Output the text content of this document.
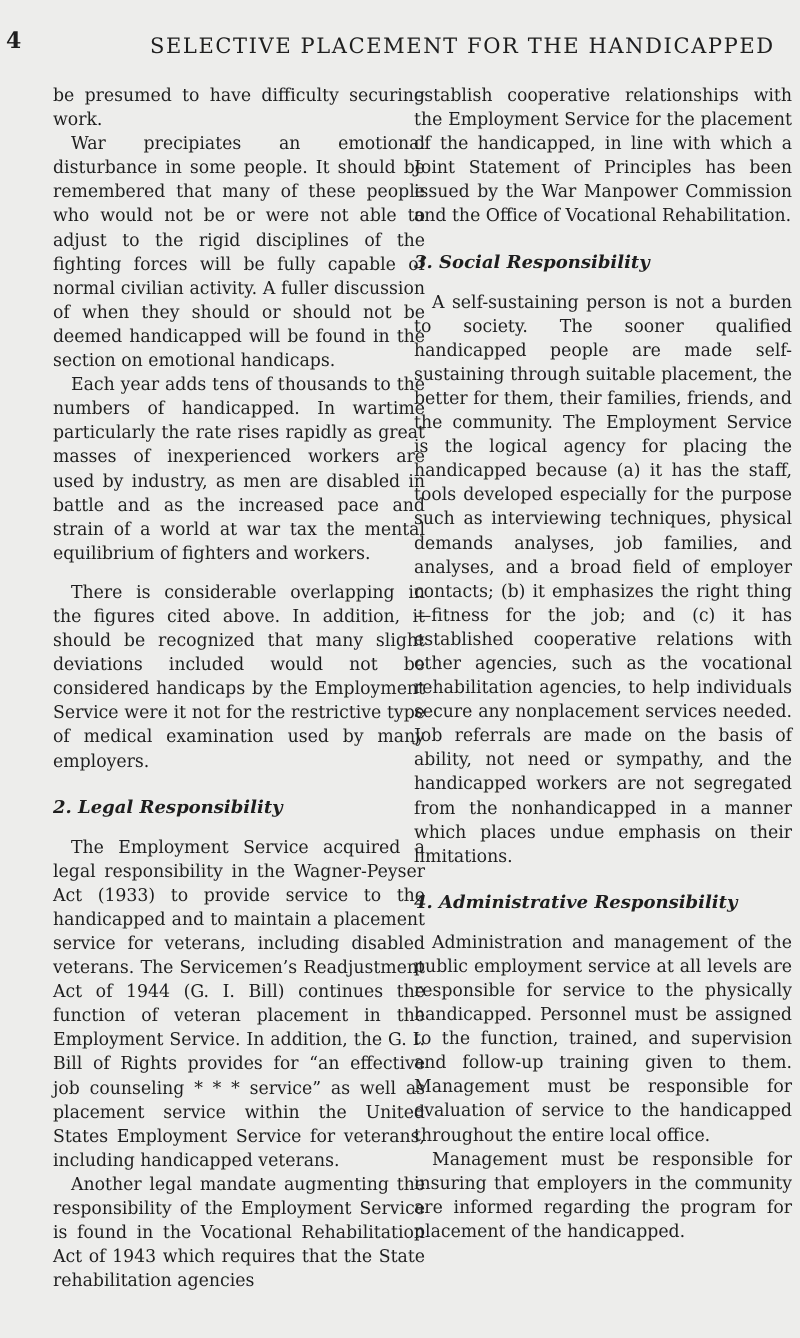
4	SELECTIVE PLACEMENT FOR THE HANDICAPPED

be presumed to have difficulty securing work.

War precipiates an emotional disturbance in some people. It should be remembered that many of these people who would not be or were not able to adjust to the rigid disciplines of the fighting forces will be fully capable of normal civilian activity. A fuller discussion of when they should or should not be deemed handicapped will be found in the section on emotional handicaps.

Each year adds tens of thousands to the numbers of handicapped. In wartime particularly the rate rises rapidly as great masses of inexperienced workers are used by industry, as men are disabled in battle and as the increased pace and strain of a world at war tax the mental equilibrium of fighters and workers.

There is considerable overlapping in the figures cited above. In addition, it should be recognized that many slight deviations included would not be considered handicaps by the Employment Service were it not for the restrictive type of medical examination used by many employers.

2. Legal Responsibility

The Employment Service acquired a legal responsibility in the Wagner-Peyser Act (1933) to provide service to the handicapped and to maintain a placement service for veterans, including disabled veterans. The Servicemen’s Readjustment Act of 1944 (G. I. Bill) continues the function of veteran placement in the Employment Service. In addition, the G. I. Bill of Rights provides for “an effective job counseling * * * service” as well as placement service within the United States Employment Service for veterans, including handicapped veterans.

Another legal mandate augmenting the responsibility of the Employment Service is found in the Vocational Rehabilitation Act of 1943 which requires that the State rehabilitation agencies

establish cooperative relationships with the Employment Service for the placement of the handicapped, in line with which a Joint Statement of Principles has been issued by the War Manpower Commission and the Office of Vocational Rehabilitation.

3. Social Responsibility

A self-sustaining person is not a burden to society. The sooner qualified handicapped people are made self-sustaining through suitable placement, the better for them, their families, friends, and the community. The Employment Service is the logical agency for placing the handicapped because (a) it has the staff, tools developed especially for the purpose such as interviewing techniques, physical demands analyses, job families, and analyses, and a broad field of employer contacts; (b) it emphasizes the right thing—fitness for the job; and (c) it has established cooperative relations with other agencies, such as the vocational rehabilitation agencies, to help individuals secure any nonplacement services needed. Job referrals are made on the basis of ability, not need or sympathy, and the handicapped workers are not segregated from the nonhandicapped in a manner which places undue emphasis on their limitations.

4. Administrative Responsibility

Administration and management of the public employment service at all levels are responsible for service to the physically handicapped. Personnel must be assigned to the function, trained, and supervision and follow-up training given to them. Management must be responsible for evaluation of service to the handicapped throughout the entire local office.

Management must be responsible for insuring that employers in the community are informed regarding the program for placement of the handicapped.
